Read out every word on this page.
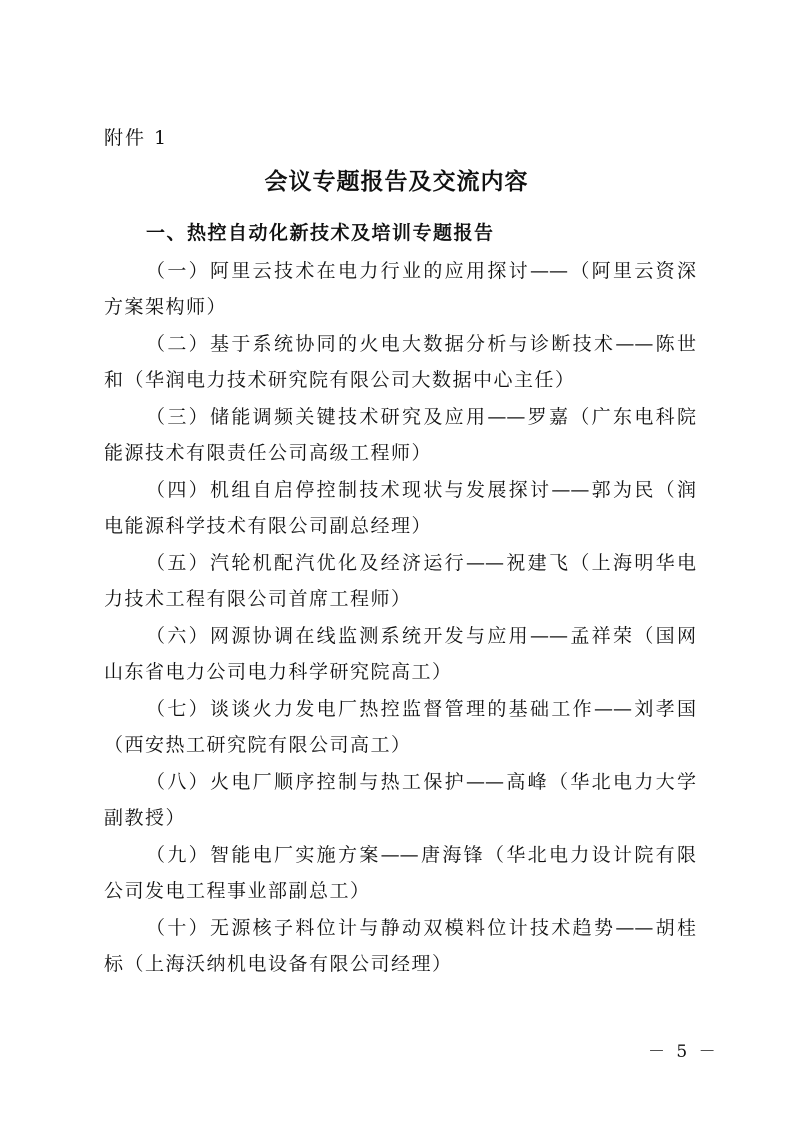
附件 1
会议专题报告及交流内容
一、热控自动化新技术及培训专题报告
（一）阿里云技术在电力行业的应用探讨——（阿里云资深
方案架构师）
（二）基于系统协同的火电大数据分析与诊断技术——陈世
和（华润电力技术研究院有限公司大数据中心主任）
（三）储能调频关键技术研究及应用——罗嘉（广东电科院
能源技术有限责任公司高级工程师）
（四）机组自启停控制技术现状与发展探讨——郭为民（润
电能源科学技术有限公司副总经理）
（五）汽轮机配汽优化及经济运行——祝建飞（上海明华电
力技术工程有限公司首席工程师）
（六）网源协调在线监测系统开发与应用——孟祥荣（国网
山东省电力公司电力科学研究院高工）
（七）谈谈火力发电厂热控监督管理的基础工作——刘孝国
（西安热工研究院有限公司高工）
（八）火电厂顺序控制与热工保护——高峰（华北电力大学
副教授）
（九）智能电厂实施方案——唐海锋（华北电力设计院有限
公司发电工程事业部副总工）
（十）无源核子料位计与静动双模料位计技术趋势——胡桂
标（上海沃纳机电设备有限公司经理）
－ 5 －
